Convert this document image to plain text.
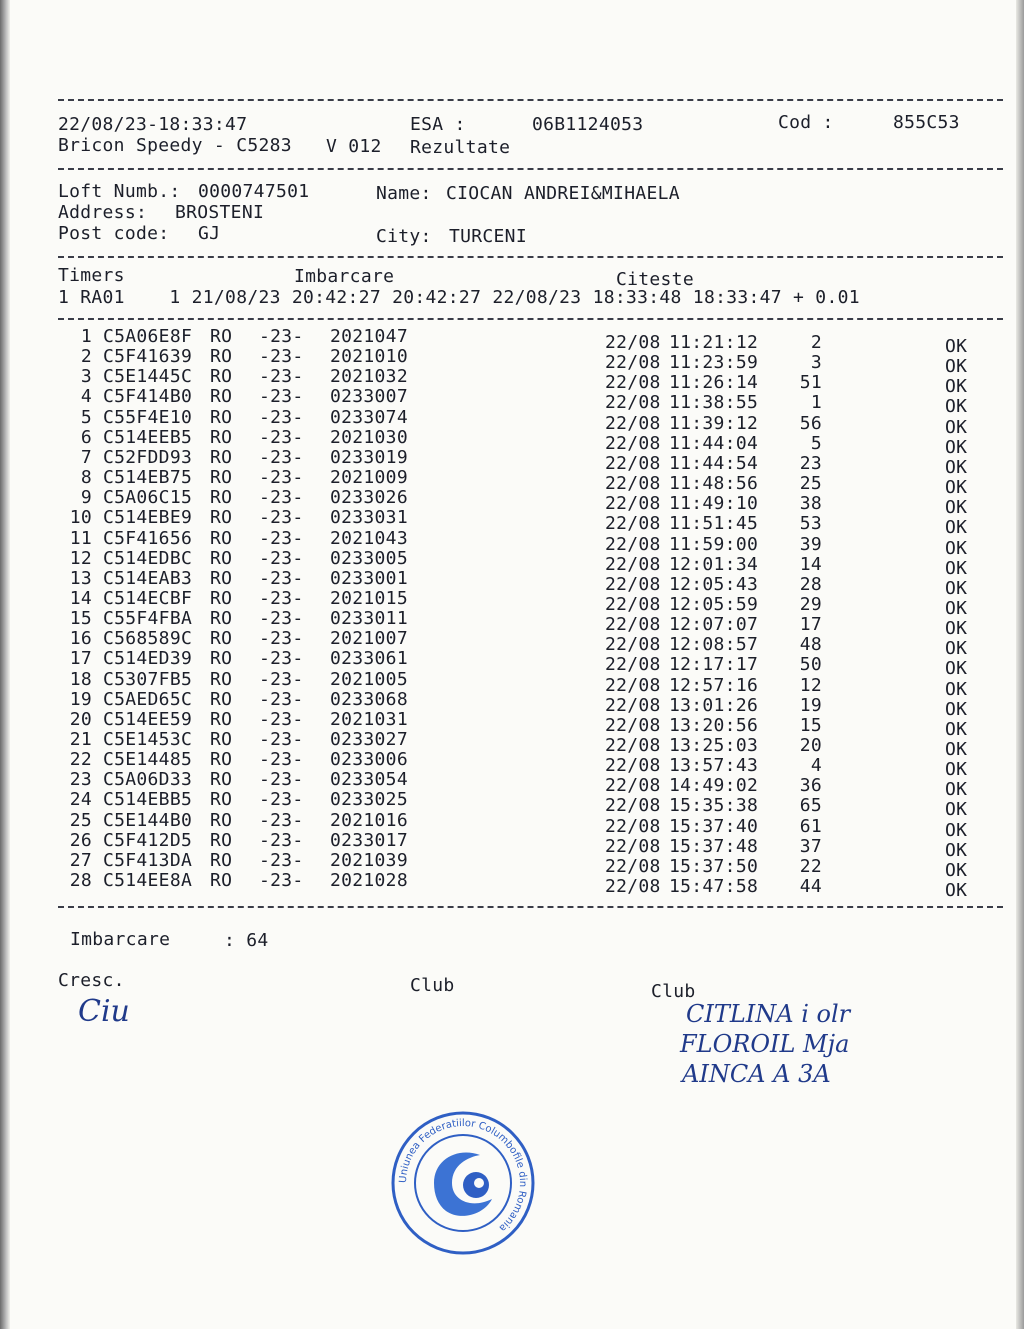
22/08/23-18:33:47	ESA :	06B1124053	Cod :	855C53
Bricon Speedy - C5283 V 012 Rezultate
Loft Numb.: 0000747501	Name: CIOCAN ANDREI&MIHAELA
Address: BROSTENI
Post code: GJ	City: TURCENI
Timers	Imbarcare	Citeste
1 RA01    1 21/08/23 20:42:27 20:42:27 22/08/23 18:33:48 18:33:47 + 0.01
1 C5A06E8F RO -23- 2021047	22/08 11:21:12	2	OK
2 C5F41639 RO -23- 2021010	22/08 11:23:59	3	OK
3 C5E1445C RO -23- 2021032	22/08 11:26:14 51	OK
4 C5F414B0 RO -23- 0233007	22/08 11:38:55	1	OK
5 C55F4E10 RO -23- 0233074	22/08 11:39:12 56	OK
6 C514EEB5 RO -23- 2021030	22/08 11:44:04	5	OK
7 C52FDD93 RO -23- 0233019	22/08 11:44:54 23	OK
8 C514EB75 RO -23- 2021009	22/08 11:48:56 25	OK
9 C5A06C15 RO -23- 0233026	22/08 11:49:10 38	OK
10 C514EBE9 RO -23- 0233031	22/08 11:51:45 53	OK
11 C5F41656 RO -23- 2021043	22/08 11:59:00 39	OK
12 C514EDBC RO -23- 0233005	22/08 12:01:34 14	OK
13 C514EAB3 RO -23- 0233001	22/08 12:05:43 28	OK
14 C514ECBF RO -23- 2021015	22/08 12:05:59 29	OK
15 C55F4FBA RO -23- 0233011	22/08 12:07:07 17	OK
16 C568589C RO -23- 2021007	22/08 12:08:57 48	OK
17 C514ED39 RO -23- 0233061	22/08 12:17:17 50	OK
18 C5307FB5 RO -23- 2021005	22/08 12:57:16 12	OK
19 C5AED65C RO -23- 0233068	22/08 13:01:26 19	OK
20 C514EE59 RO -23- 2021031	22/08 13:20:56 15	OK
21 C5E1453C RO -23- 0233027	22/08 13:25:03 20	OK
22 C5E14485 RO -23- 0233006	22/08 13:57:43	4	OK
23 C5A06D33 RO -23- 0233054	22/08 14:49:02 36	OK
24 C514EBB5 RO -23- 0233025	22/08 15:35:38 65	OK
25 C5E144B0 RO -23- 2021016	22/08 15:37:40 61	OK
26 C5F412D5 RO -23- 0233017	22/08 15:37:48 37	OK
27 C5F413DA RO -23- 2021039	22/08 15:37:50 22	OK
28 C514EE8A RO -23- 2021028	22/08 15:47:58 44	OK
Imbarcare	: 64
Cresc.	Club	Club
Ciu	CITLINA i olr
FLOROIL Mja
AINCA A 3A
Uniunea Federatiilor Columbofile din Romania
